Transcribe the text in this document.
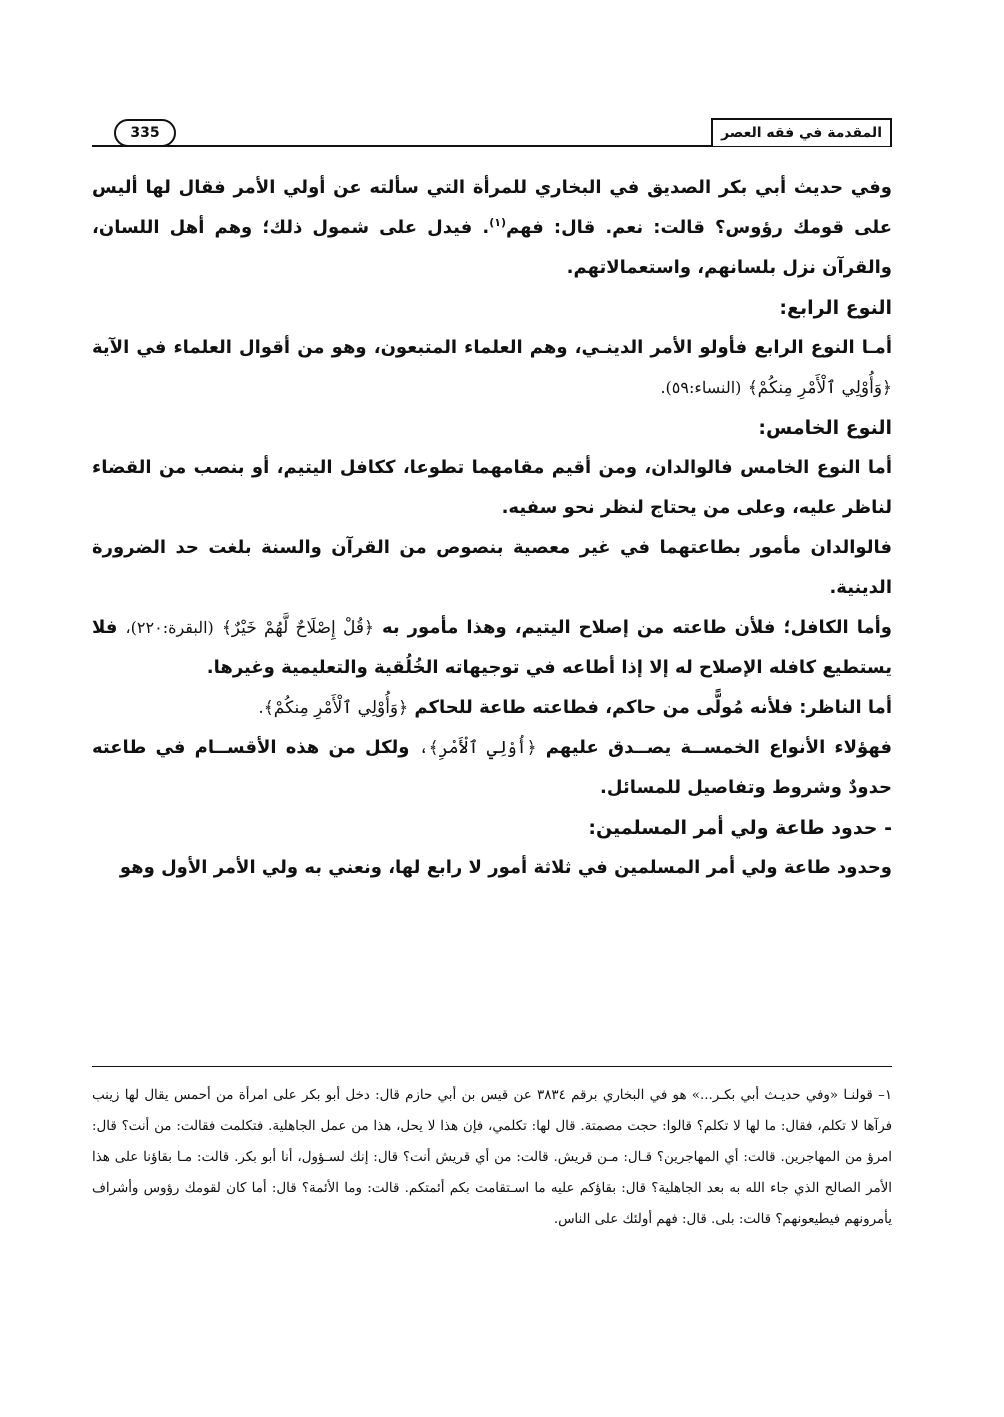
المقدمة في فقه العصر
335

وفي حديث أبي بكر الصديق في البخاري للمرأة التي سألته عن أولي الأمر فقال لها أليس على قومك رؤوس؟ قالت: نعم. قال: فهم$^{(١)}$. فيدل على شمول ذلك؛ وهم أهل اللسان، والقرآن نزل بلسانهم، واستعمالاتهم.

النوع الرابع:

أمـا النوع الرابع فأولو الأمر الدينـي، وهم العلماء المتبعون، وهو من أقوال العلماء في الآية ﴿وَأُوْلِي ٱلْأَمْرِ مِنكُمْ﴾ (النساء:٥٩).

النوع الخامس:

أما النوع الخامس فالوالدان، ومن أقيم مقامهما تطوعا، ككافل اليتيم، أو بنصب من القضاء لناظر عليه، وعلى من يحتاج لنظر نحو سفيه.

فالوالدان مأمور بطاعتهما في غير معصية بنصوص من القرآن والسنة بلغت حد الضرورة الدينية.

وأما الكافل؛ فلأن طاعته من إصلاح اليتيم، وهذا مأمور به ﴿قُلْ إِصْلَاحٌ لَّهُمْ خَيْرٌ﴾ (البقرة:٢٢٠)، فلا يستطيع كافله الإصلاح له إلا إذا أطاعه في توجيهاته الخُلُقية والتعليمية وغيرها.

أما الناظر: فلأنه مُولًّى من حاكم، فطاعته طاعة للحاكم ﴿وَأُوْلِي ٱلْأَمْرِ مِنكُمْ﴾.

فهؤلاء الأنواع الخمســة يصــدق عليهم ﴿أُوْلِي ٱلْأَمْرِ﴾، ولكل من هذه الأقســام في طاعته حدودٌ وشروط وتفاصيل للمسائل.

- حدود طاعة ولي أمر المسلمين:

وحدود طاعة ولي أمر المسلمين في ثلاثة أمور لا رابع لها، ونعني به ولي الأمر الأول وهو

١– قولنـا «وفي حديـث أبي بكـر...» هو في البخاري برقم ٣٨٣٤ عن قيس بن أبي حازم قال: دخل أبو بكر على امرأة من أحمس يقال لها زينب فرآها لا تكلم، فقال: ما لها لا تكلم؟ قالوا: حجت مصمتة. قال لها: تكلمي، فإن هذا لا يحل، هذا من عمل الجاهلية. فتكلمت فقالت: من أنت؟ قال: امرؤ من المهاجرين. قالت: أي المهاجرين؟ قـال: مـن قريش. قالت: من أي قريش أنت؟ قال: إنك لسـؤول، أنا أبو بكر. قالت: مـا بقاؤنا على هذا الأمر الصالح الذي جاء الله به بعد الجاهلية؟ قال: بقاؤكم عليه ما اسـتقامت بكم أئمتكم. قالت: وما الأئمة؟ قال: أما كان لقومك رؤوس وأشراف يأمرونهم فيطيعونهم؟ قالت: بلى. قال: فهم أولئك على الناس.
